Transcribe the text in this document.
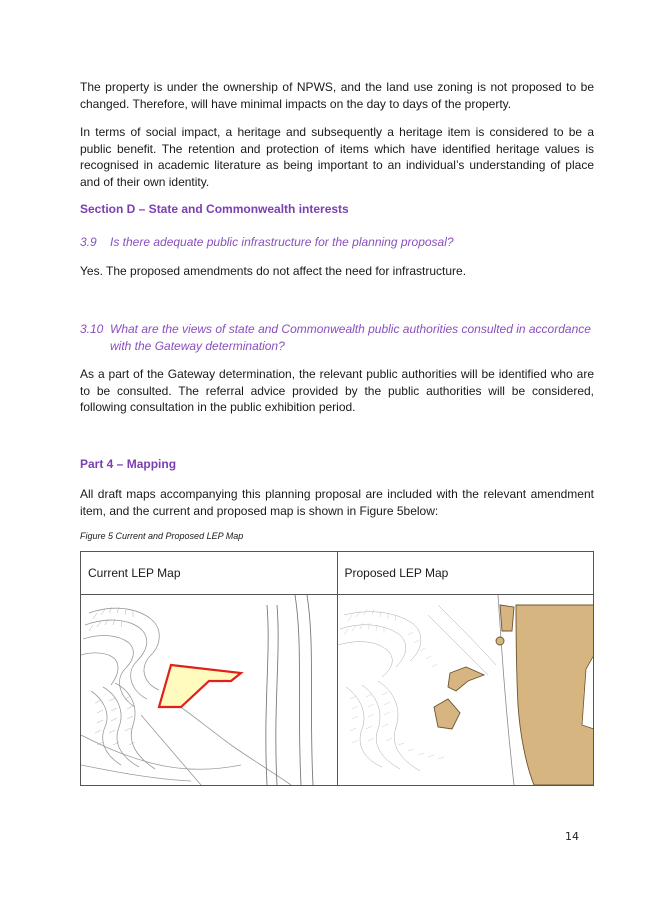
The property is under the ownership of NPWS, and the land use zoning is not proposed to be changed. Therefore, will have minimal impacts on the day to days of the property.

In terms of social impact, a heritage and subsequently a heritage item is considered to be a public benefit. The retention and protection of items which have identified heritage values is recognised in academic literature as being important to an individual’s understanding of place and of their own identity.

Section D – State and Commonwealth interests
3.9 Is there adequate public infrastructure for the planning proposal?

Yes. The proposed amendments do not affect the need for infrastructure.

3.10 What are the views of state and Commonwealth public authorities consulted in accordance
with the Gateway determination?

As a part of the Gateway determination, the relevant public authorities will be identified who are to be consulted. The referral advice provided by the public authorities will be considered, following consultation in the public exhibition period.

Part 4 – Mapping

All draft maps accompanying this planning proposal are included with the relevant amendment item, and the current and proposed map is shown in Figure 5below:

Figure 5 Current and Proposed LEP Map
Current LEP Map	Proposed LEP Map

14
